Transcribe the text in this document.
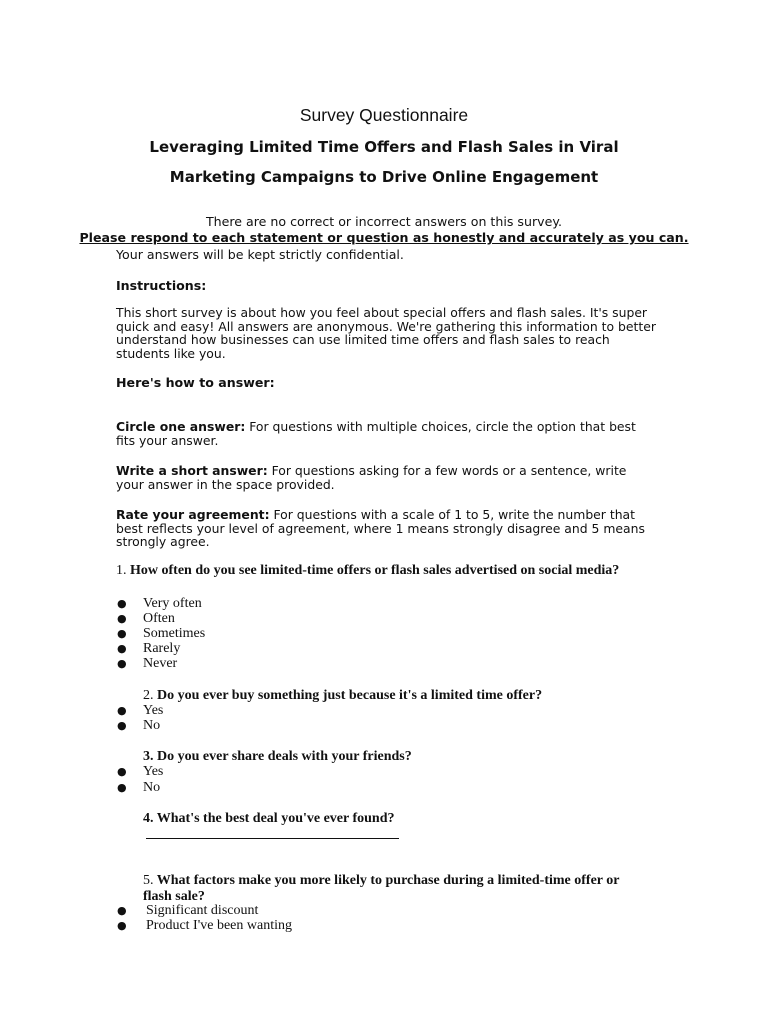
Survey Questionnaire
Leveraging Limited Time Offers and Flash Sales in Viral
Marketing Campaigns to Drive Online Engagement
There are no correct or incorrect answers on this survey.
Please respond to each statement or question as honestly and accurately as you can.
Your answers will be kept strictly confidential.
Instructions:
This short survey is about how you feel about special offers and flash sales. It's super
quick and easy! All answers are anonymous. We're gathering this information to better
understand how businesses can use limited time offers and flash sales to reach
students like you.
Here's how to answer:
Circle one answer: For questions with multiple choices, circle the option that best
fits your answer.
Write a short answer: For questions asking for a few words or a sentence, write
your answer in the space provided.
Rate your agreement: For questions with a scale of 1 to 5, write the number that
best reflects your level of agreement, where 1 means strongly disagree and 5 means
strongly agree.
1. How often do you see limited-time offers or flash sales advertised on social media?
● Very often
● Often
● Sometimes
● Rarely
● Never
2. Do you ever buy something just because it's a limited time offer?
● Yes
● No
3. Do you ever share deals with your friends?
● Yes
● No
4. What's the best deal you've ever found?
5. What factors make you more likely to purchase during a limited-time offer or
flash sale?
● Significant discount
● Product I've been wanting
